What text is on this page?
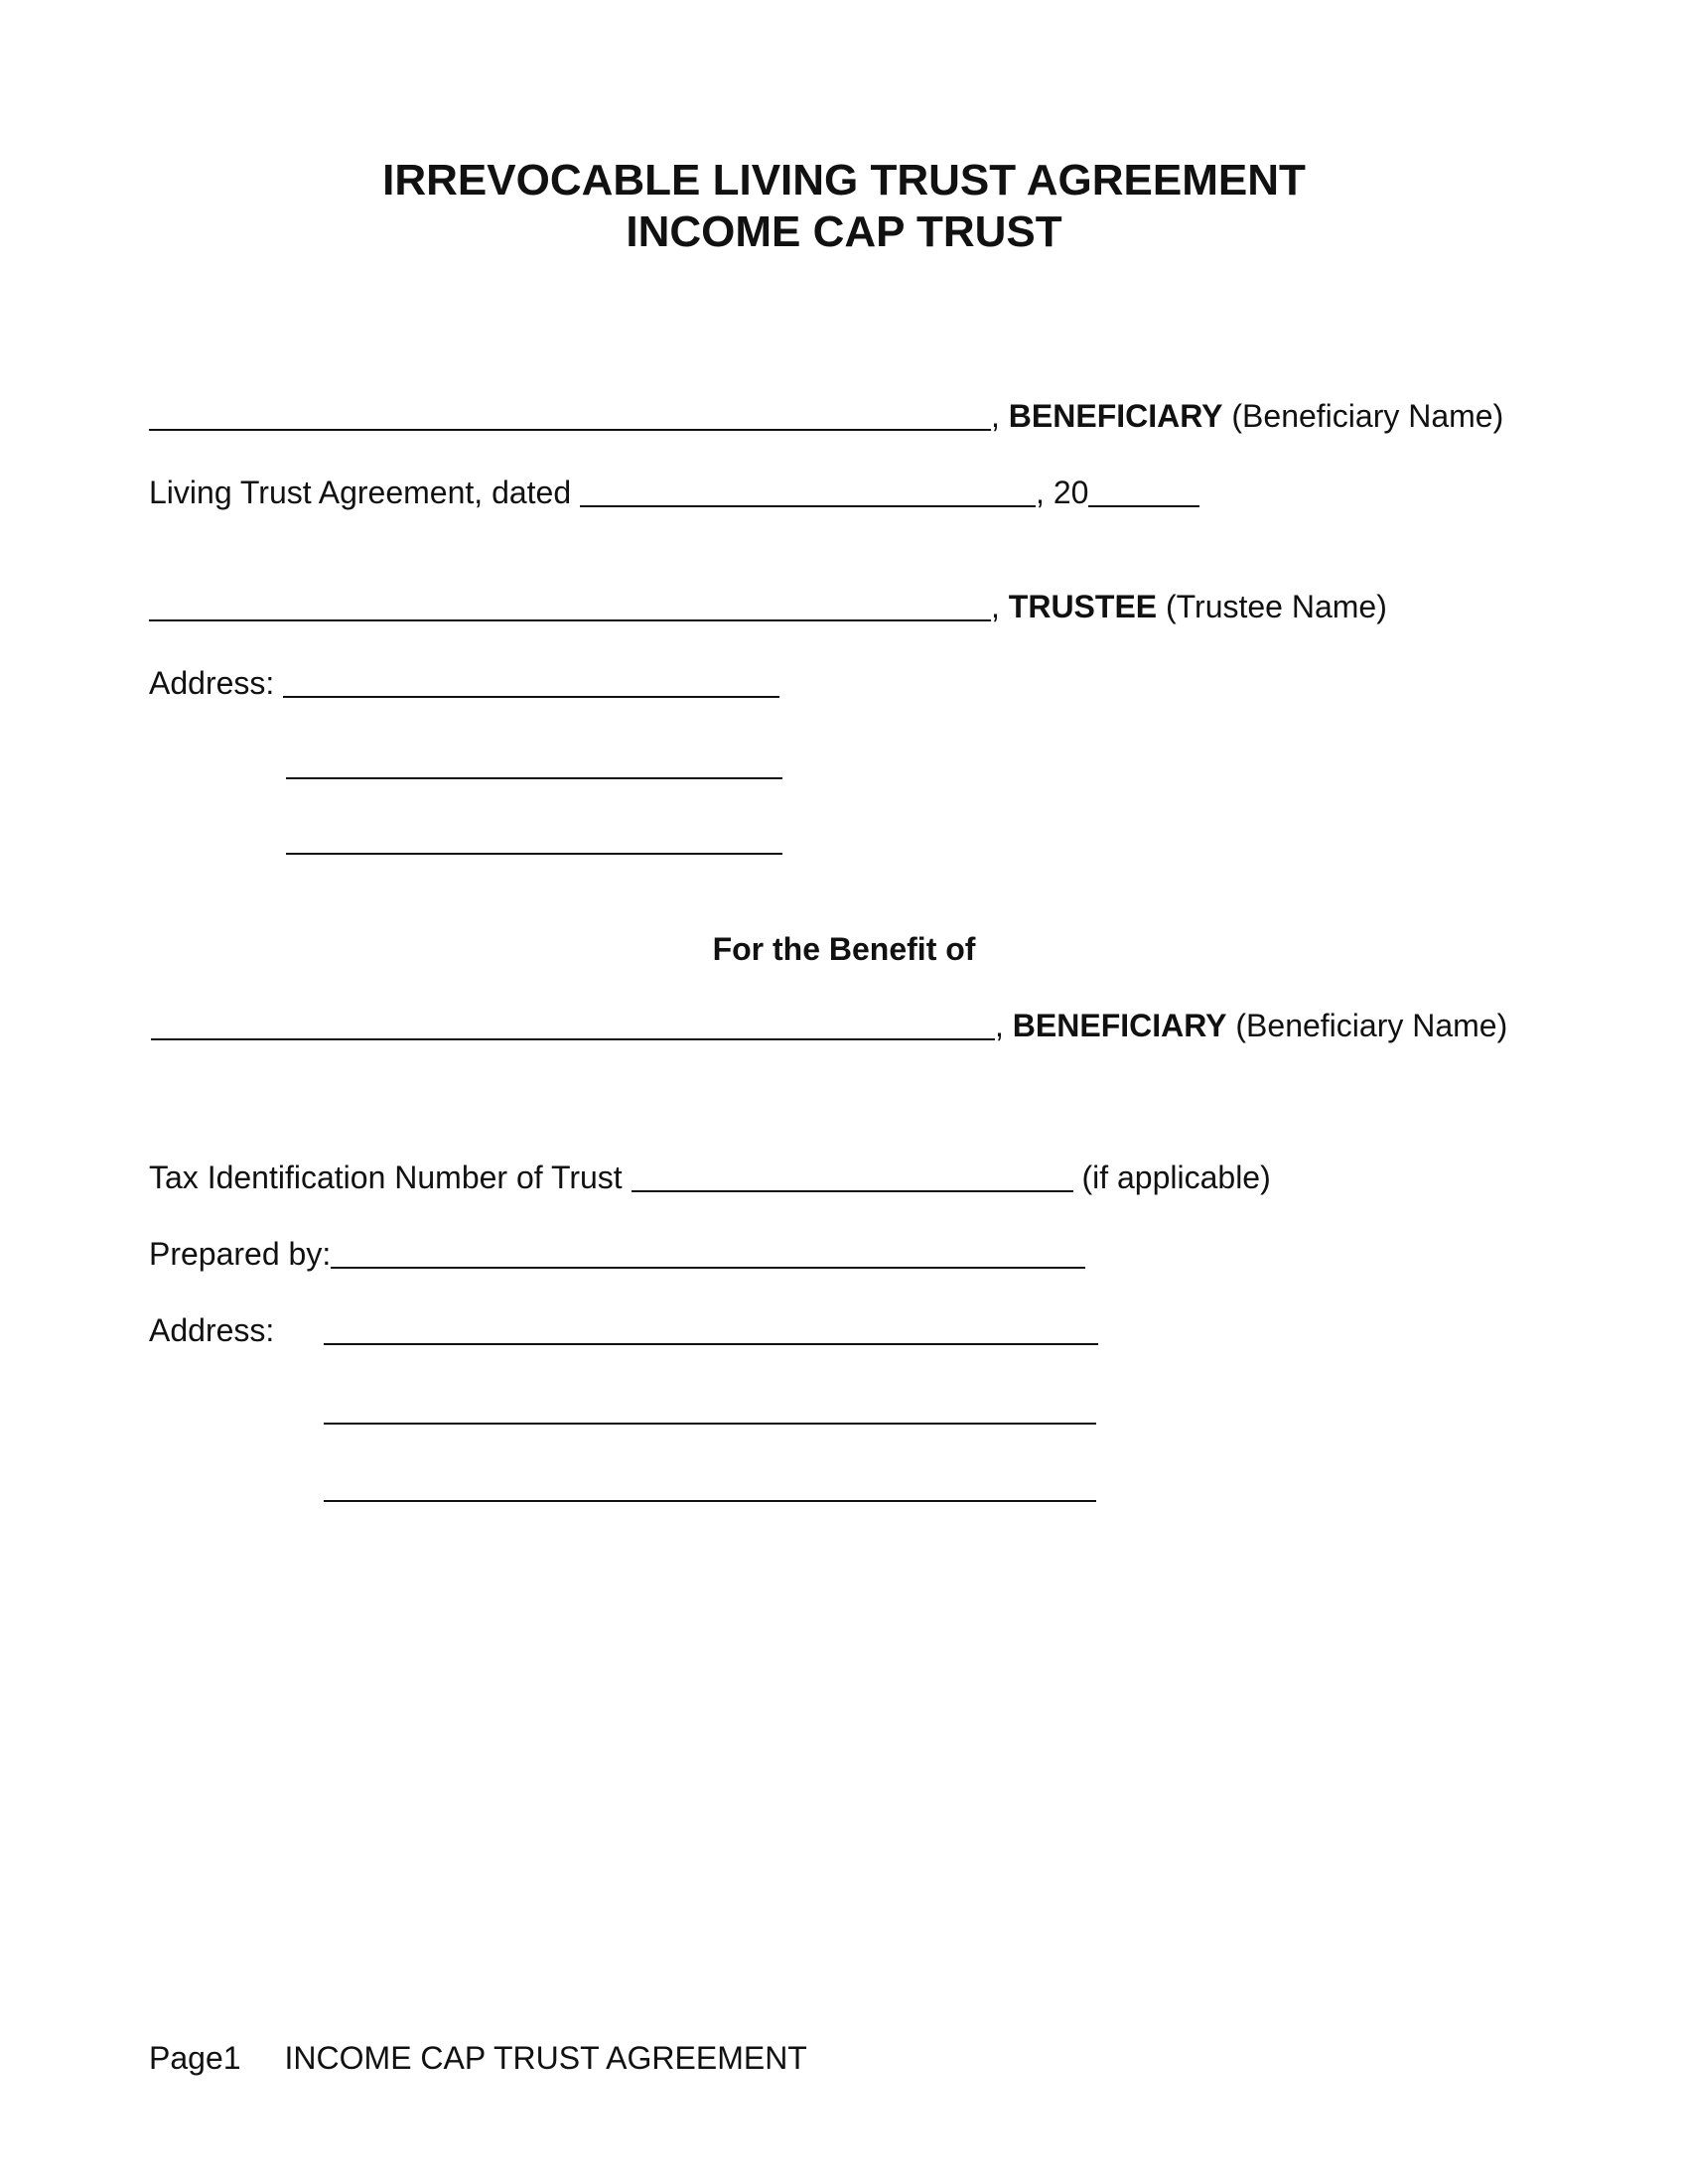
IRREVOCABLE LIVING TRUST AGREEMENT
INCOME CAP TRUST
, BENEFICIARY (Beneficiary Name)
Living Trust Agreement, dated	, 20
, TRUSTEE (Trustee Name)
Address:
For the Benefit of
, BENEFICIARY (Beneficiary Name)
Tax Identification Number of Trust	(if applicable)
Prepared by:
Address:
Page1 INCOME CAP TRUST AGREEMENT
